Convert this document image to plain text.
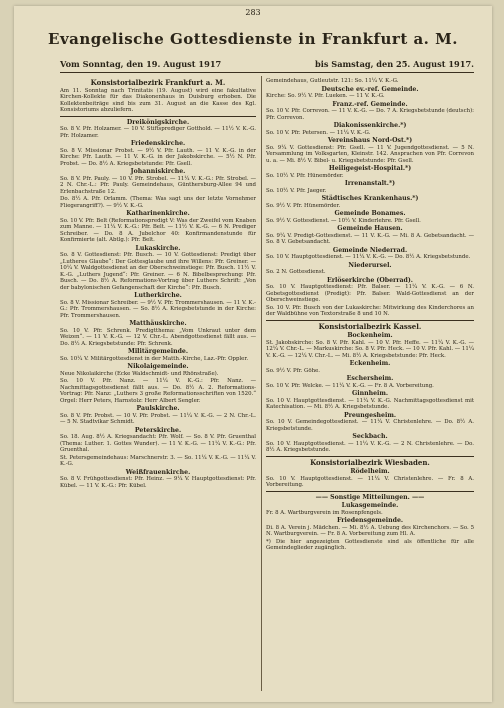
283
Evangelische Gottesdienste in Frankfurt a. M.
Vom Sonntag, den 19. August 1917	bis Samstag, den 25. August 1917.
Konsistorialbezirk Frankfurt a. M.
Am 11. Sonntag nach Trinitatis (19. August) wird eine fakultative Kirchen-Kollekte für das Diakonenhaus in Duisburg erhoben. Die Kollektenbeiträge sind bis zum 31. August an die Kasse des Kgl. Konsistoriums abzuliefern.
Dreikönigskirche.
So. 8 V. Pfr. Holzamer. — 10 V. Stiftsprediger Gotthold. — 11½ V. K.-G. Pfr. Holzamer.
Friedenskirche.
So. 8 V. Missionar Probst. — 9½ V. Pfr. Lauth. — 11 V. K.-G. in der Kirche: Pfr. Lauth. — 11 V. K.-G. in der Jakobskirche. — 5½ N. Pfr. Probst. — Do. 8½ A. Kriegsbetstunde: Pfr. Gsell.
Johanniskirche.
So. 8 V. Pfr. Pauly. — 10 V. Pfr. Strobel. — 11¼ V. K.-G.: Pfr. Strobel. — 2 N. Chr.-L.: Pfr. Pauly. Gemeindehaus, Günthersburg-Allee 94 und Erlenbachstraße 12.
Do. 8½ A. Pfr. Orlamm. (Thema: Was sagt uns der letzte Vornehmer Fliegerangriff?). — 9½ V. K.-G.
Katharinenkirche.
So. 10 V. Pfr. Belt (Reformationspredigt V: Was der Zweifel vom Knaben zum Manne. — 11¼ V. K.-G.: Pfr. Belt. — 11½ V. K.-G. — 6 N. Prediger Schreiber. — Do. 8 A. Jubelchor 40: Konfirmandenstunde für Konfirmierte (alt. Abtlg.): Pfr. Belt.
Lukaskirche.
So. 8 V. Gottesdienst: Pfr. Busch. — 10 V. Gottesdienst: Predigt über „Lutheres Glaube“: Der Gottesglaube und ihre Willens: Pfr. Greiner. — 10¼ V. Waldgottesdienst an der Oberschweinstiege: Pfr. Busch. 11½ V. K.-G. „Luthers Jugend“: Pfr. Greiner. — 6 N. Bibelbesprechung: Pfr. Busch. — Do. 8½ A. Reformations-Vortrag über Luthers Schrift: „Von der babylonischen Gefangenschaft der Kirche“: Pfr. Busch.
Lutherkirche.
So. 8 V. Missionar Schreiber. — 9½ V. Pfr. Trommershausen. — 11 V. K.-G.: Pfr. Trommershausen. — So. 8½ A. Kriegsbetstunde in der Kirche: Pfr. Trommershausen.
Matthäuskirche.
So. 10 V. Pfr. Schrenk. Predigtthema: „Vom Unkraut unter dem Weizen“. — 11 V. K.-G. — 12 V. Chr.-L. Abendgottesdienst fällt aus. — Do. 8½ A. Kriegsbetstunde: Pfr. Schrenk.
Militärgemeinde.
So. 10¼ V. Militärgottesdienst in der Matth.-Kirche, Laz.-Pfr. Oppler.
Nikolaigemeinde.
Neue Nikolaikirche (Ecke Waldschmidt- und Rhönstraße).
So. 10 V. Pfr. Nanz. — 11¼ V. K.-G.: Pfr. Nanz. — Nachmittagsgottesdienst fällt aus. — Do. 8½ A. 2. Reformations-Vortrag: Pfr. Nanz: „Luthers 3 große Reformationsschriften von 1520.“ Orgel: Herr Peters, Harnstolz: Herr Albert Sengler.
Paulskirche.
So. 8 V. Pfr. Probst. — 10 V. Pfr. Probst. — 11¼ V. K.-G. — 2 N. Chr.-L. — 5 N. Stadtvikar Schmidt.
Peterskirche.
So. 18. Aug. 8½ A. Kriegsandacht: Pfr. Wolf. — So. 8 V. Pfr. Gruenthal (Thema: Luther. 1. Gottes Wunder). — 11 V. K.-G. — 11¼ V. K.-G.: Pfr. Gruenthal.
St. Petersgemeindehaus: Marschnerstr. 3. — So. 11¼ V. K.-G. — 11¼ V. K.-G.
Weißfrauenkirche.
So. 8 V. Frühgottesdienst: Pfr. Heinz. — 9¼ V. Hauptgottesdienst: Pfr. Kübel. — 11 V. K.-G.: Pfr. Kübel.
Gemeindehaus, Gutleutstr. 121: So. 11¼ V. K.-G.
Deutsche ev.-ref. Gemeinde.
Kirche: So. 9½ V. Pfr. Lueken. — 11 V. K.-G.
Franz.-ref. Gemeinde.
So. 10 V. Pfr. Correvon. — 11 V. K.-G. — Do. 7 A. Kriegsbetstunde (deutsch): Pfr. Correvon.
Diakonissenkirche.*)
So. 10 V. Pfr. Petersen. — 11¼ V. K.-G.
Vereinshaus Nord-Ost.*)
So. 9¼ V. Gottesdienst: Pfr. Gsell. — 11 V. Jugendgottesdienst. — 5 N. Versammlung im Volksgarten, Kleinstr. 142. Ansprachen von Pfr. Correvon u. a. — Mi. 8½ V. Bibel- u. Kriegsbetstunde: Pfr. Gsell.
Heiligegeist-Hospital.*)
So. 10½ V. Pfr. Hünemörder.
Irrenanstalt.*)
So. 10½ V. Pfr. Jaeger.
Städtisches Krankenhaus.*)
So. 9½ V. Pfr. Hünemörder.
Gemeinde Bonames.
So. 9½ V. Gottesdienst. — 10½ V. Kinderlehre. Pfr. Gsell.
Gemeinde Hausen.
So. 9¼ V. Predigt-Gottesdienst. — 11 V. K.-G. — Mi. 8 A. Gebetsandacht. — So. 8 V. Gebetsandacht.
Gemeinde Niederrad.
So. 10 V. Hauptgottesdienst. — 11¼ V. K.-G. — Do. 8½ A. Kriegsbetstunde.
Niederursel.
So. 2 N. Gottesdienst.
Erlöserkirche (Oberrad).
So. 10 V. Hauptgottesdienst: Pfr. Balser. — 11¼ V. K.-G. — 6 N. Gebetsgottesdienst (Predigt): Pfr. Balser. Wald-Gottesdienst an der Oberschweinstiege.
So. 10 V. Pfr. Busch von der Lukaskirche: Mitwirkung des Kinderchores an der Waldbühne von Textorstraße 8 und 10 N.
Konsistorialbezirk Kassel.
Bockenheim.
St. Jakobskirche: So. 8 V. Pfr. Kahl. — 10 V. Pfr. Heffe. — 11¼ V. K.-G. — 12¼ V. Chr.-L. — Markuskirche: So. 8 V. Pfr. Heck. — 10 V. Pfr. Kahl. — 11¼ V. K.-G. — 12¼ V. Chr.-L. — Mi. 8½ A. Kriegsbetstunde: Pfr. Heck.
Eckenheim.
So. 9½ V. Pfr. Göhe.
Eschersheim.
So. 10 V. Pfr. Welcke. — 11¼ V. K.-G. — Fr. 8 A. Vorbereitung.
Ginnheim.
So. 10 V. Hauptgottesdienst. — 11¼ V. K.-G. Nachmittagsgottesdienst mit Katechisation. — Mi. 8½ A. Kriegsbetstunde.
Preungesheim.
So. 10 V. Gemeindegottesdienst. — 11¼ V. Christenlehre. — Do. 8½ A. Kriegsbetstunde.
Seckbach.
So. 10 V. Hauptgottesdienst. — 11¼ V. K.-G. — 2 N. Christenlehre. — Do. 8½ A. Kriegsbetstunde.
Konsistorialbezirk Wiesbaden.
Rödelheim.
So. 10 V. Hauptgottesdienst. — 11¼ V. Christenlehre. — Fr. 8 A. Vorbereitung.
—— Sonstige Mitteilungen. ——
Lukasgemeinde.
Fr. 8 A. Wartburgverein im Rosenpfengels.
Friedensgemeinde.
Di. 8 A. Verein j. Mädchen. — Mi. 8½ A. Uebung des Kirchenchors. — So. 5 N. Wartburgverein. — Fr. 8 A. Vorbereitung zum Hl. A.
*) Die hier angezeigten Gottesdienste sind als öffentliche für alle Gemeindeglieder zugänglich.
